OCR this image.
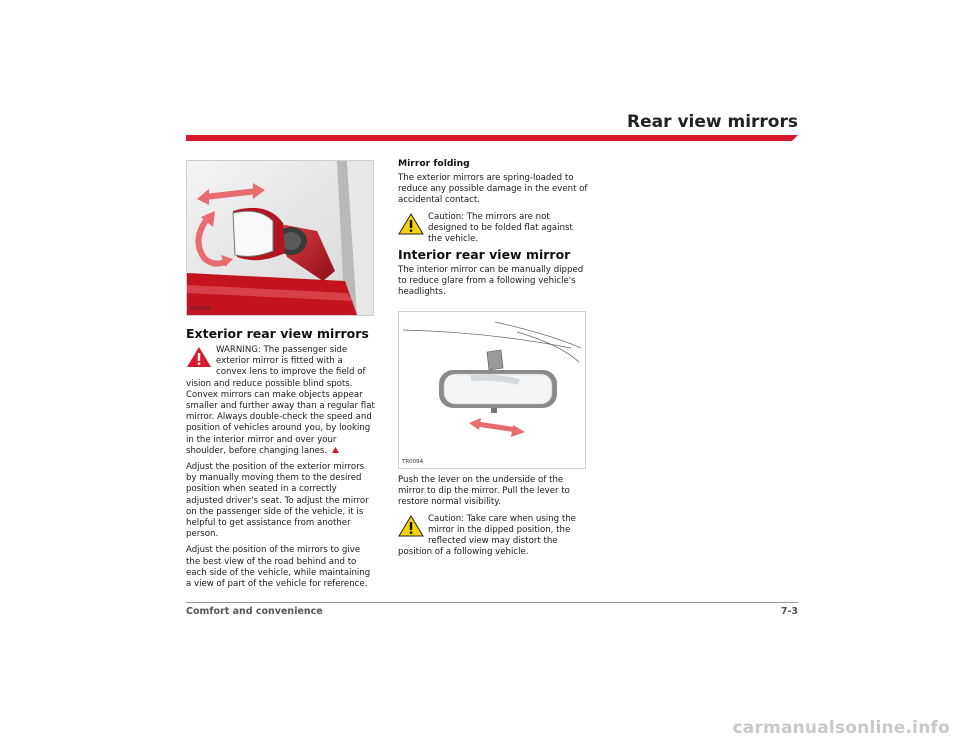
Rear view mirrors
TR0060
Exterior rear view mirrors

WARNING: The passenger side exterior mirror is fitted with a convex lens to improve the field of vision and reduce possible blind spots. Convex mirrors can make objects appear smaller and further away than a regular flat mirror. Always double-check the speed and position of vehicles around you, by looking in the interior mirror and over your shoulder, before changing lanes.

Adjust the position of the exterior mirrors by manually moving them to the desired position when seated in a correctly adjusted driver's seat. To adjust the mirror on the passenger side of the vehicle, it is helpful to get assistance from another person.

Adjust the position of the mirrors to give the best view of the road behind and to each side of the vehicle, while maintaining a view of part of the vehicle for reference.

Mirror folding

The exterior mirrors are spring-loaded to reduce any possible damage in the event of accidental contact.

Caution: The mirrors are not designed to be folded flat against the vehicle.

Interior rear view mirror
The interior mirror can be manually dipped to reduce glare from a following vehicle's headlights.
TR0094

Push the lever on the underside of the mirror to dip the mirror. Pull the lever to restore normal visibility.

Caution: Take care when using the mirror in the dipped position, the reflected view may distort the position of a following vehicle.

Comfort and convenience	7-3
carmanualsonline.info
